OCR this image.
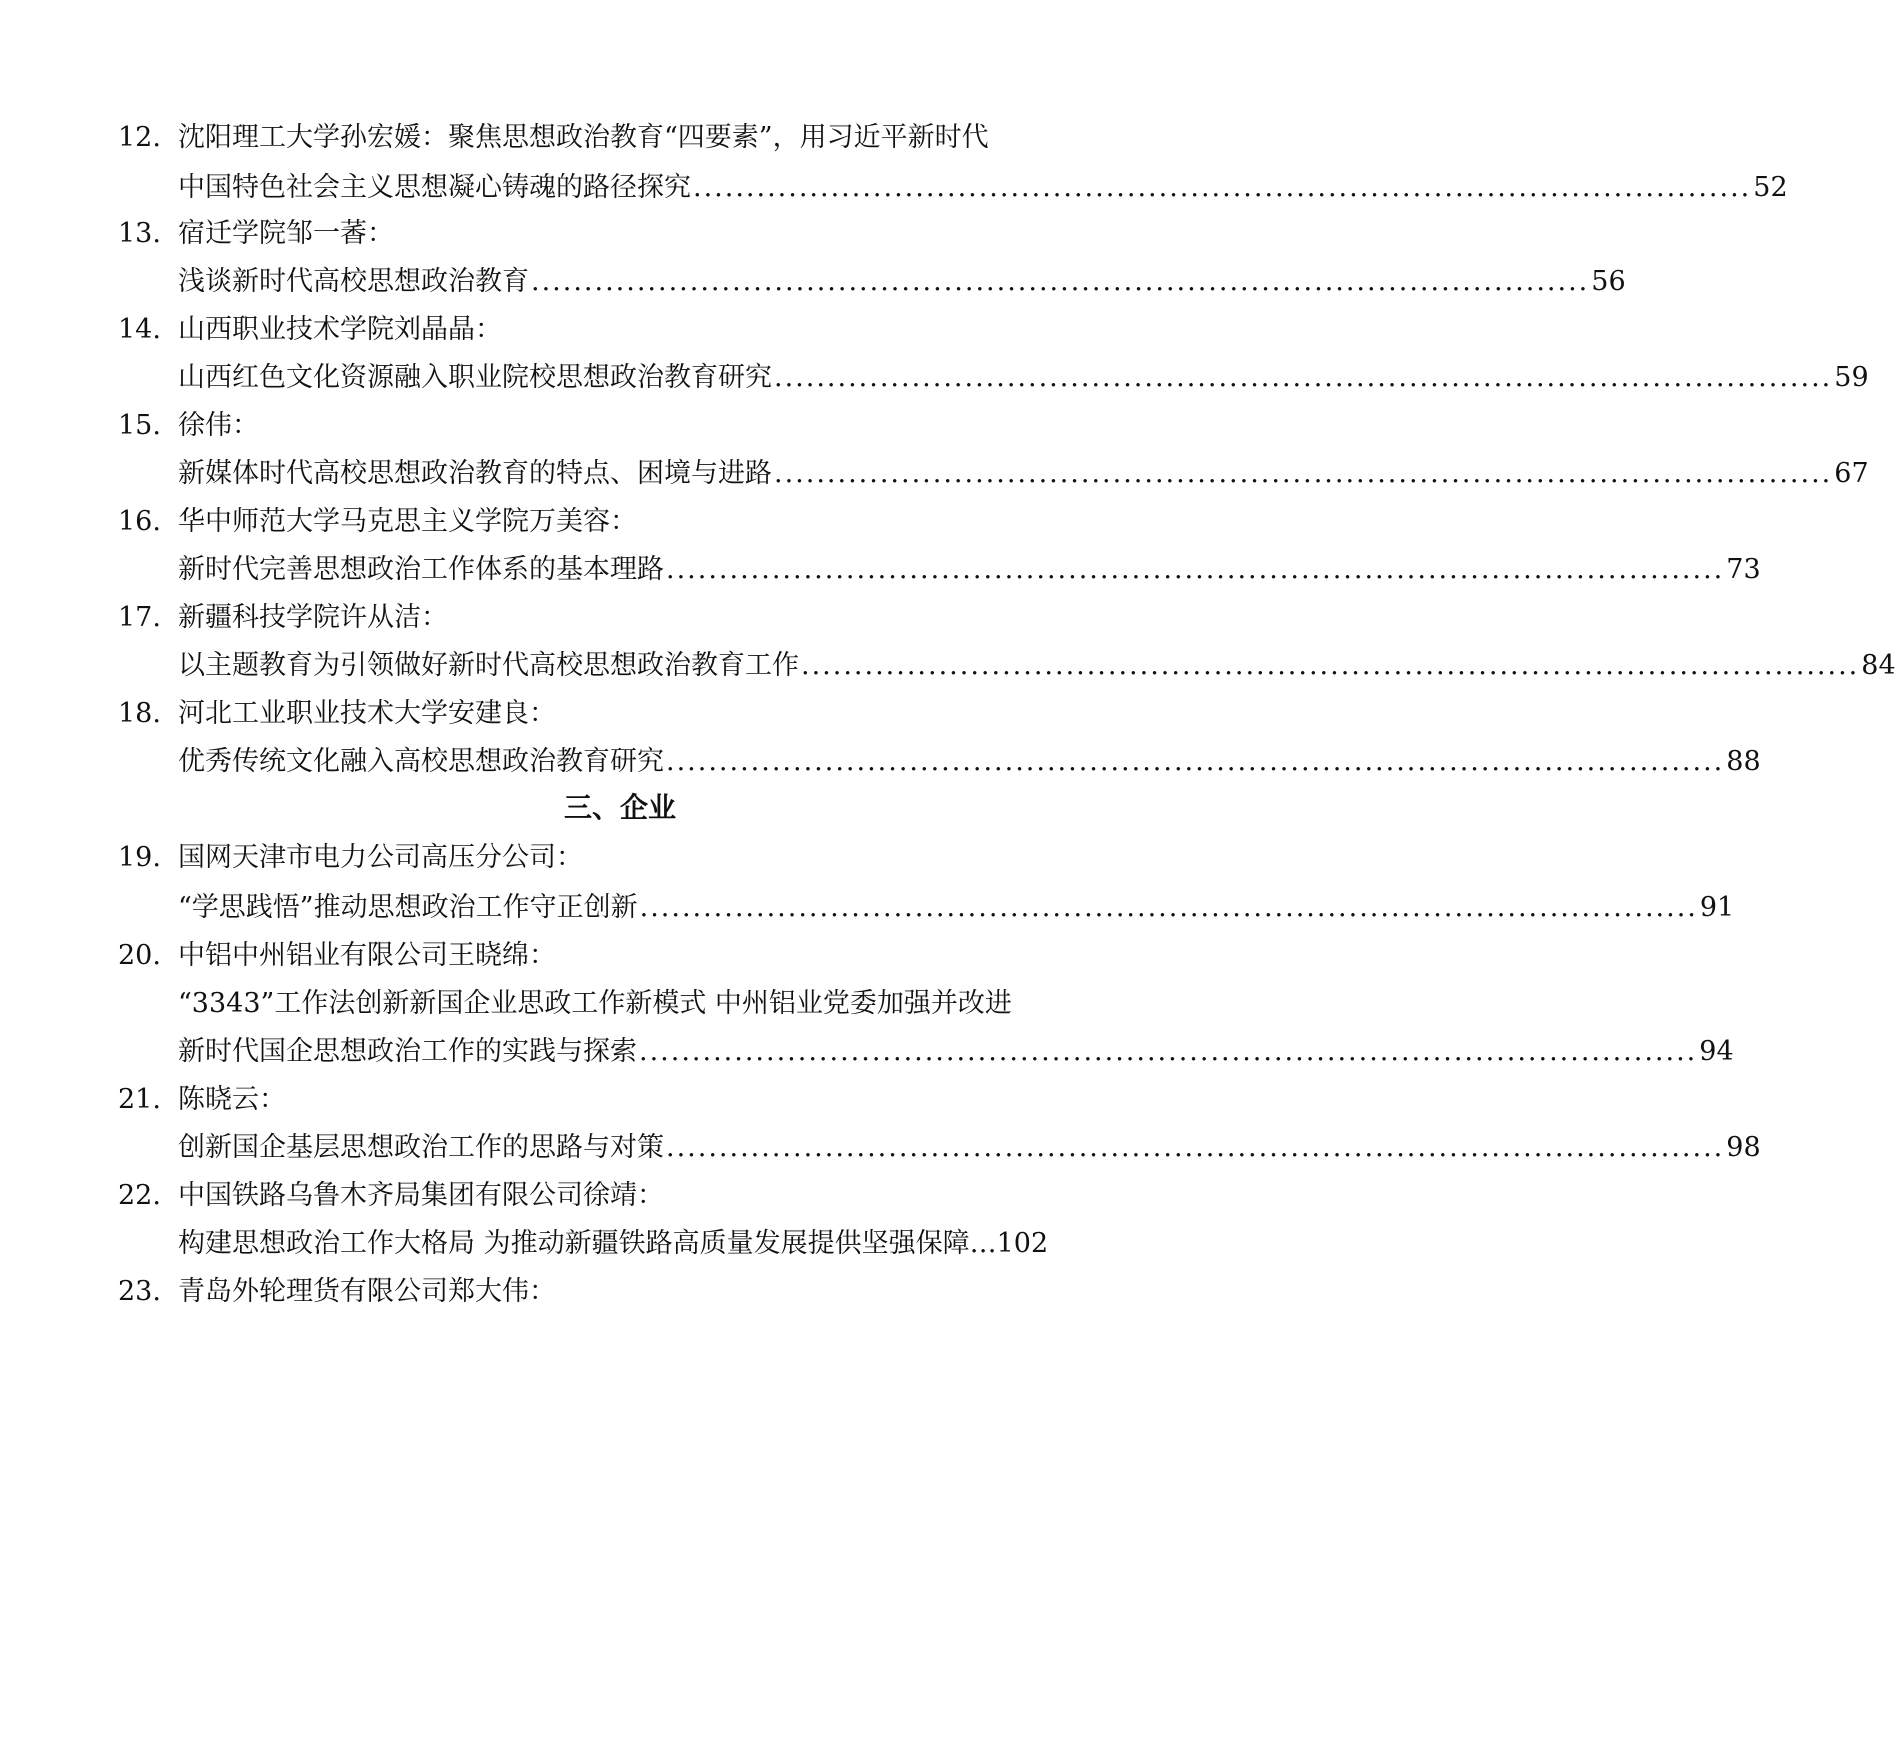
12. 沈阳理工大学孙宏媛：聚焦思想政治教育“四要素”，用习近平新时代
中国特色社会主义思想凝心铸魂的路径探究 .................................................................................................... 52
13. 宿迁学院邹一萫：
浅谈新时代高校思想政治教育 .................................................................................................... 56
14. 山西职业技术学院刘晶晶：
山西红色文化资源融入职业院校思想政治教育研究 .................................................................................................... 59
15. 徐伟：
新媒体时代高校思想政治教育的特点、困境与进路 .................................................................................................... 67
16. 华中师范大学马克思主义学院万美容：
新时代完善思想政治工作体系的基本理路 .................................................................................................... 73
17. 新疆科技学院许从洁：
以主题教育为引领做好新时代高校思想政治教育工作 .................................................................................................... 84
18. 河北工业职业技术大学安建良：
优秀传统文化融入高校思想政治教育研究 .................................................................................................... 88
三、企业
19. 国网天津市电力公司高压分公司：
“学思践悟”推动思想政治工作守正创新 .................................................................................................... 91
20. 中铝中州铝业有限公司王晓绵：
“3343”工作法创新新国企业思政工作新模式 中州铝业党委加强并改进
新时代国企思想政治工作的实践与探索 .................................................................................................... 94
21. 陈晓云：
创新国企基层思想政治工作的思路与对策 .................................................................................................... 98
22. 中国铁路乌鲁木齐局集团有限公司徐靖：
构建思想政治工作大格局 为推动新疆铁路高质量发展提供坚强保障…102
23. 青岛外轮理货有限公司郑大伟：
